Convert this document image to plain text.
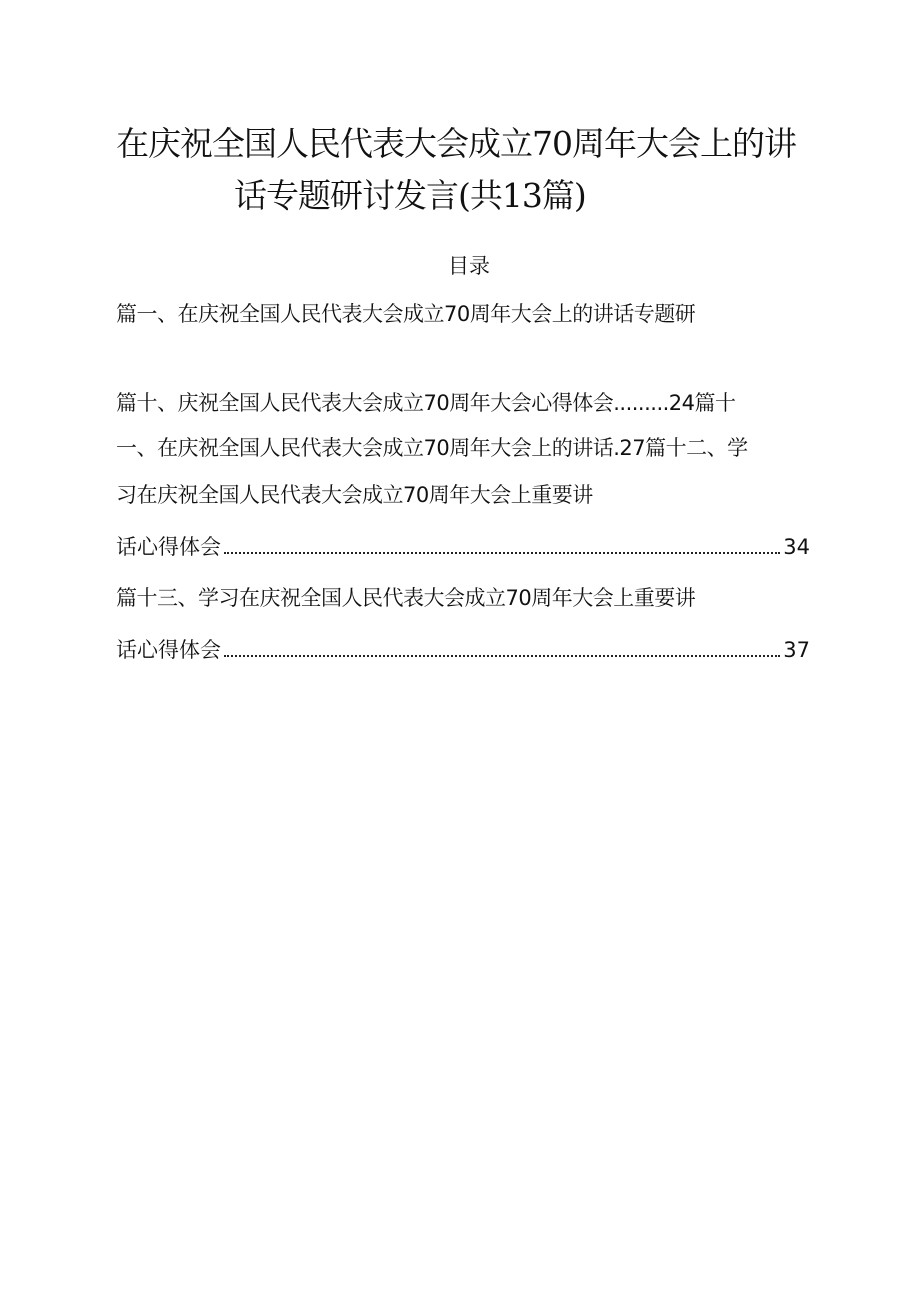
在庆祝全国人民代表大会成立70周年大会上的讲
话专题研讨发言(共13篇)
目录
篇一、在庆祝全国人民代表大会成立70周年大会上的讲话专题研
篇十、庆祝全国人民代表大会成立70周年大会心得体会.........24篇十
一、在庆祝全国人民代表大会成立70周年大会上的讲话.27篇十二、学
习在庆祝全国人民代表大会成立70周年大会上重要讲
话心得体会	34
篇十三、学习在庆祝全国人民代表大会成立70周年大会上重要讲
话心得体会	37
